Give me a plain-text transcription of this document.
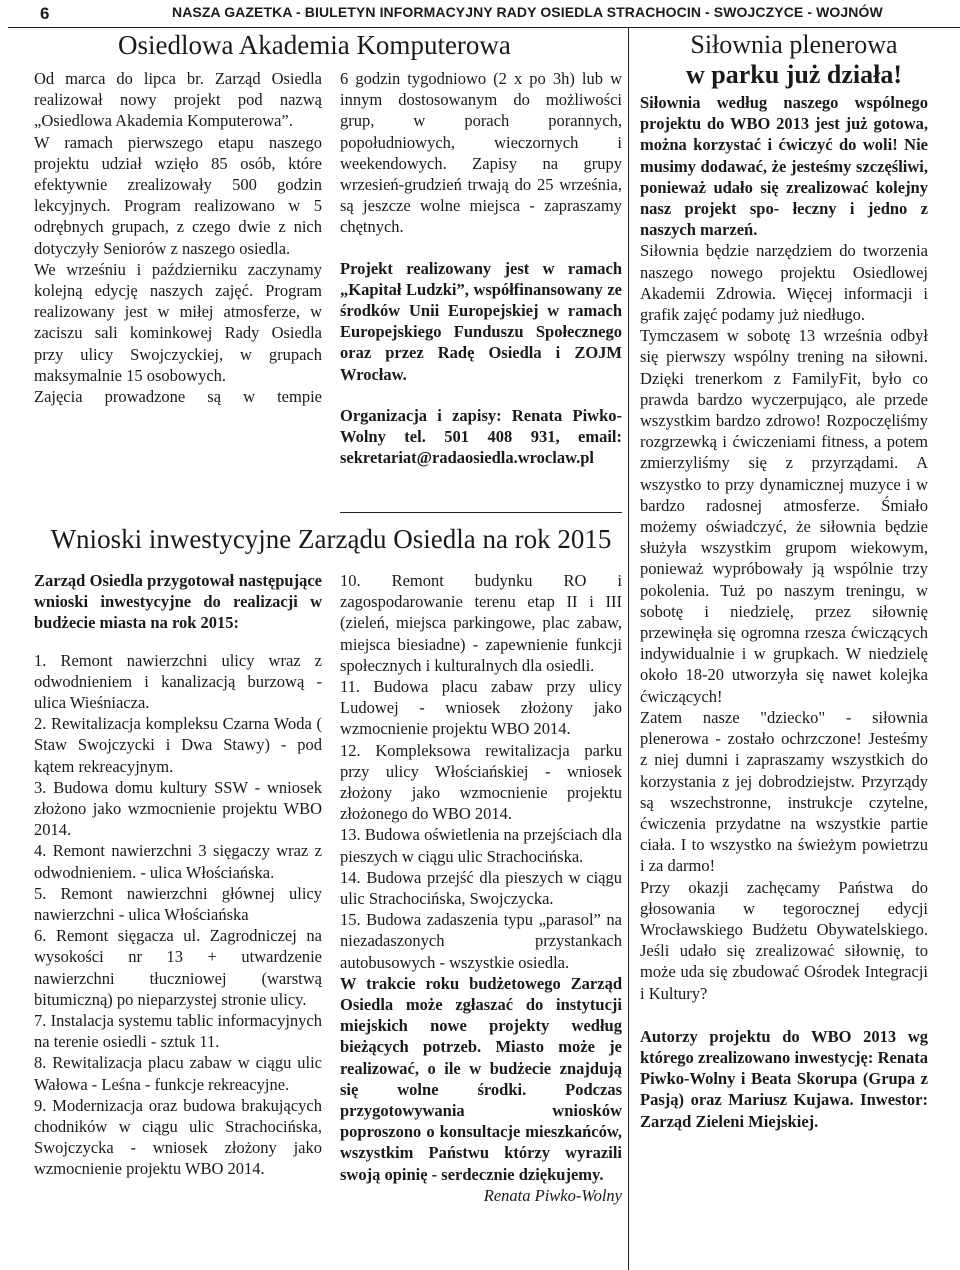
6	NASZA GAZETKA - BIULETYN INFORMACYJNY RADY OSIEDLA STRACHOCIN - SWOJCZYCE - WOJNÓW
Osiedlowa Akademia Komputerowa

Od marca do lipca br. Zarząd Osiedla realizował nowy projekt pod nazwą „Osiedlowa Akademia Komputerowa”.

W ramach pierwszego etapu naszego projektu udział wzięło 85 osób, które efektywnie zrealizowały 500 godzin lekcyjnych. Program realizowano w 5 odrębnych grupach, z czego dwie z nich dotyczyły Seniorów z naszego osiedla.

We wrześniu i październiku zaczynamy kolejną edycję naszych zajęć. Program realizowany jest w miłej atmosferze, w zaciszu sali kominkowej Rady Osiedla przy ulicy Swojczyckiej, w grupach maksymalnie 15 osobowych.

Zajęcia prowadzone są w tempie

6 godzin tygodniowo (2 x po 3h) lub w innym dostosowanym do możliwości grup, w porach porannych, popołudniowych, wieczornych i weekendowych. Zapisy na grupy wrzesień-grudzień trwają do 25 września, są jeszcze wolne miejsca - zapraszamy chętnych.

Projekt realizowany jest w ramach „Kapitał Ludzki”, współfinansowany ze środków Unii Europejskiej w ramach Europejskiego Funduszu Społecznego oraz przez Radę Osiedla i ZOJM Wrocław.

Organizacja i zapisy: Renata Piwko-Wolny tel. 501 408 931, email: sekretariat@radaosiedla.wroclaw.pl

Wnioski inwestycyjne Zarządu Osiedla na rok 2015

Zarząd Osiedla przygotował następujące wnioski inwestycyjne do realizacji w budżecie miasta na rok 2015:

1. Remont nawierzchni ulicy wraz z odwodnieniem i kanalizacją burzową - ulica Wieśniacza.

2. Rewitalizacja kompleksu Czarna Woda ( Staw Swojczycki i Dwa Stawy) - pod kątem rekreacyjnym.

3. Budowa domu kultury SSW - wniosek złożono jako wzmocnienie projektu WBO 2014.

4. Remont nawierzchni 3 sięgaczy wraz z odwodnieniem. - ulica Włościańska.

5. Remont nawierzchni głównej ulicy nawierzchni - ulica Włościańska

6. Remont sięgacza ul. Zagrodniczej na wysokości nr 13 + utwardzenie nawierzchni tłuczniowej (warstwą bitumiczną) po nieparzystej stronie ulicy.

7. Instalacja systemu tablic informacyjnych na terenie osiedli - sztuk 11.

8. Rewitalizacja placu zabaw w ciągu ulic Wałowa - Leśna - funkcje rekreacyjne.

9. Modernizacja oraz budowa brakujących chodników w ciągu ulic Strachocińska, Swojczycka - wniosek złożony jako wzmocnienie projektu WBO 2014.

10. Remont budynku RO i zagospodarowanie terenu etap II i III (zieleń, miejsca parkingowe, plac zabaw, miejsca biesiadne) - zapewnienie funkcji społecznych i kulturalnych dla osiedli.

11. Budowa placu zabaw przy ulicy Ludowej - wniosek złożony jako wzmocnienie projektu WBO 2014.

12. Kompleksowa rewitalizacja parku przy ulicy Włościańskiej - wniosek złożony jako wzmocnienie projektu złożonego do WBO 2014.

13. Budowa oświetlenia na przejściach dla pieszych w ciągu ulic Strachocińska.

14. Budowa przejść dla pieszych w ciągu ulic Strachocińska, Swojczycka.

15. Budowa zadaszenia typu „parasol” na niezadaszonych przystankach autobusowych - wszystkie osiedla.

W trakcie roku budżetowego Zarząd Osiedla może zgłaszać do instytucji miejskich nowe projekty według bieżących potrzeb. Miasto może je realizować, o ile w budżecie znajdują się wolne środki. Podczas przygotowywania wniosków poproszono o konsultacje mieszkańców, wszystkim Państwu którzy wyrazili swoją opinię - serdecznie dziękujemy.

Renata Piwko-Wolny

Siłownia plenerowa
w parku już działa!

Siłownia według naszego wspólnego projektu do WBO 2013 jest już gotowa, można korzystać i ćwiczyć do woli! Nie musimy dodawać, że jesteśmy szczęśliwi, ponieważ udało się zrealizować kolejny nasz projekt spo- łeczny i jedno z naszych marzeń.

Siłownia będzie narzędziem do tworzenia naszego nowego projektu Osiedlowej Akademii Zdrowia. Więcej informacji i grafik zajęć podamy już niedługo.

Tymczasem w sobotę 13 września odbył się pierwszy wspólny trening na siłowni. Dzięki trenerkom z FamilyFit, było co prawda bardzo wyczerpująco, ale przede wszystkim bardzo zdrowo! Rozpoczęliśmy rozgrzewką i ćwiczeniami fitness, a potem zmierzyliśmy się z przyrządami. A wszystko to przy dynamicznej muzyce i w bardzo radosnej atmosferze. Śmiało możemy oświadczyć, że siłownia będzie służyła wszystkim grupom wiekowym, ponieważ wypróbowały ją wspólnie trzy pokolenia. Tuż po naszym treningu, w sobotę i niedzielę, przez siłownię przewinęła się ogromna rzesza ćwiczących indywidualnie i w grupkach. W niedzielę około 18-20 utworzyła się nawet kolejka ćwiczących!

Zatem nasze "dziecko" - siłownia plenerowa - zostało ochrzczone! Jesteśmy z niej dumni i zapraszamy wszystkich do korzystania z jej dobrodziejstw. Przyrządy są wszechstronne, instrukcje czytelne, ćwiczenia przydatne na wszystkie partie ciała. I to wszystko na świeżym powietrzu i za darmo!

Przy okazji zachęcamy Państwa do głosowania w tegorocznej edycji Wrocławskiego Budżetu Obywatelskiego. Jeśli udało się zrealizować siłownię, to może uda się zbudować Ośrodek Integracji i Kultury?

Autorzy projektu do WBO 2013 wg którego zrealizowano inwestycję: Renata Piwko-Wolny i Beata Skorupa (Grupa z Pasją) oraz Mariusz Kujawa. Inwestor: Zarząd Zieleni Miejskiej.
